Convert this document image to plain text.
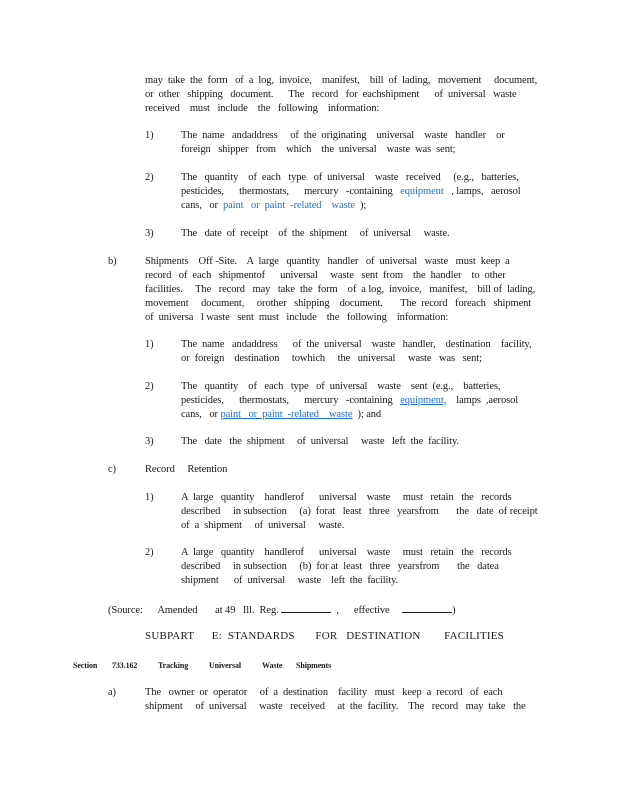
may  take  the  form   of  a  log,  invoice,    manifest,    bill  of  lading,   movement     document,
or  other   shipping   document.      The   record   for  eachshipment      of  universal   waste
received    must   include    the   following    information:
1)	The  name   andaddress     of  the  originating    universal    waste   handler    or
foreign   shipper   from    which    the  universal    waste  was  sent;
2)	The   quantity    of  each   type   of  universal    waste   received     (e.g.,   batteries,
pesticides,      thermostats,      mercury   -containing   equipment   , lamps,   aerosol
cans,   or  paint   or  paint  -related    waste  );
3)	The   date  of  receipt    of  the  shipment     of  universal     waste.
b)	Shipments    Off -Site.    A  large   quantity   handler   of  universal   waste   must  keep  a
record   of  each   shipmentof      universal     waste   sent  from    the  handler    to  other
facilities.     The   record   may   take  the  form    of  a log,  invoice,   manifest,    bill of  lading,
movement     document,     orother   shipping    document.       The  record   foreach   shipment
of  universa   l waste   sent  must   include    the   following    information:
1)	The  name   andaddress      of  the  universal    waste   handler,    destination    facility,
or  foreign    destination     towhich     the   universal     waste   was   sent;
2)	The   quantity    of   each   type   of  universal    waste    sent  (e.g.,    batteries,
pesticides,      thermostats,      mercury   -containing   equipment,    lamps  ,aerosol
cans,   or paint   or  paint  -related    waste  ); and
3)	The   date   the  shipment     of  universal     waste   left  the  facility.
c)	Record     Retention
1)	A  large   quantity    handlerof      universal    waste     must   retain   the   records
described     in subsection     (a)  forat   least   three   yearsfrom       the   date  of receipt
of  a  shipment     of  universal     waste.
2)	A  large   quantity    handlerof      universal    waste     must   retain   the   records
described     in subsection     (b)  for at  least   three   yearsfrom       the   datea
shipment      of  universal     waste    left  the  facility.
(Source:      Amended       at 49   Ill.  Reg.	,      effective	)
SUBPART      E:  STANDARDS       FOR   DESTINATION        FACILITIES
Section 733.162	Tracking	Universal	Waste Shipments
a)	The   owner  or  operator     of  a  destination    facility   must   keep  a  record   of  each
shipment     of  universal     waste   received     at  the  facility.    The   record   may  take   the
